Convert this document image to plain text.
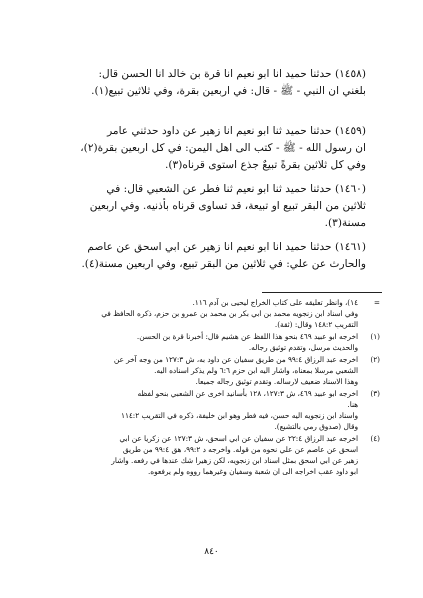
(١٤٥٨) حدثنا حميد انا ابو نعيم انا قرة بن خالد انا الحسن قال:
بلغني ان النبي - ﷺ - قال: في اربعين بقرة، وفي ثلاثين تبيع(١).
(١٤٥٩) حدثنا حميد ثنا ابو نعيم انا زهير عن داود حدثني عامر
ان رسول الله - ﷺ - كتب الى اهل اليمن: في كل اربعين بقرة(٢)،
وفي كل ثلاثين بقرةً تبيعٌ جذع استوى قرناه(٣).
(١٤٦٠) حدثنا حميد ثنا ابو نعيم ثنا فطر عن الشعبي قال: في
ثلاثين من البقر تبيع او تبيعة، قد تساوى قرناه بأذنيه. وفي اربعين
مسنة(٣).
(١٤٦١) حدثنا حميد انا ابو نعيم انا زهير عن ابي اسحق عن عاصم
والحارث عن علي: في ثلاثين من البقر تبيع، وفي اربعين مسنة(٤).
=
١٤)، وانظر تعليقه على كتاب الخراج ليحيى بن آدم ١١٦.
وفي اسناد ابن زنجويه محمد بن ابي بكر بن محمد بن عمرو بن حزم، ذكره الحافظ في
التقريب ١٤٨:٢ وقال: (ثقة).
(١)
اخرجه ابو عبيد ٤٦٩ بنحو هذا اللفظ عن هشيم قال: أخبرنا قرة بن الحسن.
والحديث مرسل، وتقدم توثيق رجاله.
(٢)
اخرجه عبد الرزاق ٩٩:٤ من طريق سفيان عن داود به، ش ١٢٧:٣ من وجه آخر عن
الشعبي مرسلا بمعناه، واشار اليه ابن حزم ٦:٦ ولم يذكر اسناده اليه.
وهذا الاسناد ضعيف لارساله. وتقدم توثيق رجاله جميعا.
(٣)
اخرجه ابو عبيد ٤٦٩، ش ١٢٧:٣، ١٢٨ بأسانيد اخرى عن الشعبي بنحو لفظه
هنا.
واسناد ابن زنجويه اليه حسن، فيه فطر وهو ابن خليفة، ذكره في التقريب ١١٤:٢
وقال (صدوق رمي بالتشيع).
(٤)
اخرجه عبد الرزاق ٢٢:٤ عن سفيان عن ابي اسحق، ش ١٢٧:٣ عن زكريا عن ابي
اسحق عن عاصم عن علي نحوه من قوله. واخرجه د ٩٩:٢، هق ٩٩:٤ من طريق
زهير عن ابي اسحق بمثل اسناد ابن زنجويه، لكن زهيرا شك عندها في رفعه. واشار
ابو داود عقب اخراجه الى ان شعبة وسفيان وغيرهما رووه ولم يرفعوه.
٨٤٠
